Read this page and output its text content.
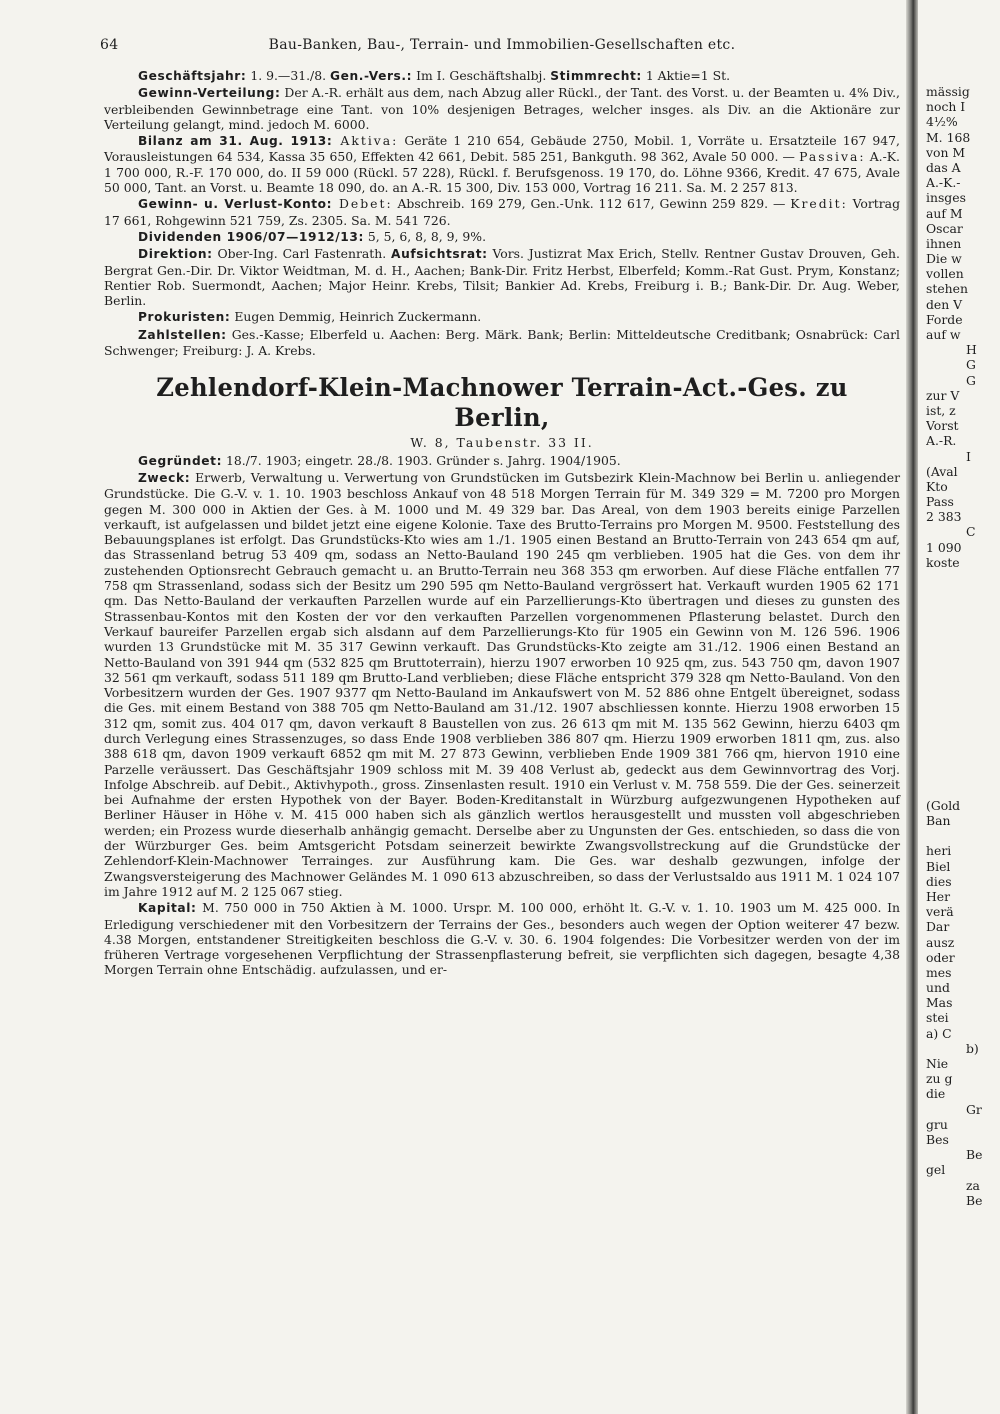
64	Bau-Banken, Bau-, Terrain- und Immobilien-Gesellschaften etc.
Geschäftsjahr: 1. 9.—31./8. Gen.-Vers.: Im I. Geschäftshalbj. Stimmrecht: 1 Aktie=1 St.
Gewinn-Verteilung: Der A.-R. erhält aus dem, nach Abzug aller Rückl., der Tant. des Vorst. u. der Beamten u. 4% Div., verbleibenden Gewinnbetrage eine Tant. von 10% desjenigen Betrages, welcher insges. als Div. an die Aktionäre zur Verteilung gelangt, mind. jedoch M. 6000.
Bilanz am 31. Aug. 1913: Aktiva: Geräte 1 210 654, Gebäude 2750, Mobil. 1, Vorräte u. Ersatzteile 167 947, Vorausleistungen 64 534, Kassa 35 650, Effekten 42 661, Debit. 585 251, Bankguth. 98 362, Avale 50 000. — Passiva: A.-K. 1 700 000, R.-F. 170 000, do. II 59 000 (Rückl. 57 228), Rückl. f. Berufsgenoss. 19 170, do. Löhne 9366, Kredit. 47 675, Avale 50 000, Tant. an Vorst. u. Beamte 18 090, do. an A.-R. 15 300, Div. 153 000, Vortrag 16 211. Sa. M. 2 257 813.
Gewinn- u. Verlust-Konto: Debet: Abschreib. 169 279, Gen.-Unk. 112 617, Gewinn 259 829. — Kredit: Vortrag 17 661, Rohgewinn 521 759, Zs. 2305. Sa. M. 541 726.
Dividenden 1906/07—1912/13: 5, 5, 6, 8, 8, 9, 9%.
Direktion: Ober-Ing. Carl Fastenrath. Aufsichtsrat: Vors. Justizrat Max Erich, Stellv. Rentner Gustav Drouven, Geh. Bergrat Gen.-Dir. Dr. Viktor Weidtman, M. d. H., Aachen; Bank-Dir. Fritz Herbst, Elberfeld; Komm.-Rat Gust. Prym, Konstanz; Rentier Rob. Suermondt, Aachen; Major Heinr. Krebs, Tilsit; Bankier Ad. Krebs, Freiburg i. B.; Bank-Dir. Dr. Aug. Weber, Berlin.
Prokuristen: Eugen Demmig, Heinrich Zuckermann.
Zahlstellen: Ges.-Kasse; Elberfeld u. Aachen: Berg. Märk. Bank; Berlin: Mitteldeutsche Creditbank; Osnabrück: Carl Schwenger; Freiburg: J. A. Krebs.
Zehlendorf-Klein-Machnower Terrain-Act.-Ges. zu Berlin,
W. 8, Taubenstr. 33 II.
Gegründet: 18./7. 1903; eingetr. 28./8. 1903. Gründer s. Jahrg. 1904/1905.
Zweck: Erwerb, Verwaltung u. Verwertung von Grundstücken im Gutsbezirk Klein-Machnow bei Berlin u. anliegender Grundstücke. Die G.-V. v. 1. 10. 1903 beschloss Ankauf von 48 518 Morgen Terrain für M. 349 329 = M. 7200 pro Morgen gegen M. 300 000 in Aktien der Ges. à M. 1000 und M. 49 329 bar. Das Areal, von dem 1903 bereits einige Parzellen verkauft, ist aufgelassen und bildet jetzt eine eigene Kolonie. Taxe des Brutto-Terrains pro Morgen M. 9500. Feststellung des Bebauungsplanes ist erfolgt. Das Grundstücks-Kto wies am 1./1. 1905 einen Bestand an Brutto-Terrain von 243 654 qm auf, das Strassenland betrug 53 409 qm, sodass an Netto-Bauland 190 245 qm verblieben. 1905 hat die Ges. von dem ihr zustehenden Optionsrecht Gebrauch gemacht u. an Brutto-Terrain neu 368 353 qm erworben. Auf diese Fläche entfallen 77 758 qm Strassenland, sodass sich der Besitz um 290 595 qm Netto-Bauland vergrössert hat. Verkauft wurden 1905 62 171 qm. Das Netto-Bauland der verkauften Parzellen wurde auf ein Parzellierungs-Kto übertragen und dieses zu gunsten des Strassenbau-Kontos mit den Kosten der vor den verkauften Parzellen vorgenommenen Pflasterung belastet. Durch den Verkauf baureifer Parzellen ergab sich alsdann auf dem Parzellierungs-Kto für 1905 ein Gewinn von M. 126 596. 1906 wurden 13 Grundstücke mit M. 35 317 Gewinn verkauft. Das Grundstücks-Kto zeigte am 31./12. 1906 einen Bestand an Netto-Bauland von 391 944 qm (532 825 qm Bruttoterrain), hierzu 1907 erworben 10 925 qm, zus. 543 750 qm, davon 1907 32 561 qm verkauft, sodass 511 189 qm Brutto-Land verblieben; diese Fläche entspricht 379 328 qm Netto-Bauland. Von den Vorbesitzern wurden der Ges. 1907 9377 qm Netto-Bauland im Ankaufswert von M. 52 886 ohne Entgelt übereignet, sodass die Ges. mit einem Bestand von 388 705 qm Netto-Bauland am 31./12. 1907 abschliessen konnte. Hierzu 1908 erworben 15 312 qm, somit zus. 404 017 qm, davon verkauft 8 Baustellen von zus. 26 613 qm mit M. 135 562 Gewinn, hierzu 6403 qm durch Verlegung eines Strassenzuges, so dass Ende 1908 verblieben 386 807 qm. Hierzu 1909 erworben 1811 qm, zus. also 388 618 qm, davon 1909 verkauft 6852 qm mit M. 27 873 Gewinn, verblieben Ende 1909 381 766 qm, hiervon 1910 eine Parzelle veräussert. Das Geschäftsjahr 1909 schloss mit M. 39 408 Verlust ab, gedeckt aus dem Gewinnvortrag des Vorj. Infolge Abschreib. auf Debit., Aktivhypoth., gross. Zinsenlasten result. 1910 ein Verlust v. M. 758 559. Die der Ges. seinerzeit bei Aufnahme der ersten Hypothek von der Bayer. Boden-Kreditanstalt in Würzburg aufgezwungenen Hypotheken auf Berliner Häuser in Höhe v. M. 415 000 haben sich als gänzlich wertlos herausgestellt und mussten voll abgeschrieben werden; ein Prozess wurde dieserhalb anhängig gemacht. Derselbe aber zu Ungunsten der Ges. entschieden, so dass die von der Würzburger Ges. beim Amtsgericht Potsdam seinerzeit bewirkte Zwangsvollstreckung auf die Grundstücke der Zehlendorf-Klein-Machnower Terrainges. zur Ausführung kam. Die Ges. war deshalb gezwungen, infolge der Zwangsversteigerung des Machnower Geländes M. 1 090 613 abzuschreiben, so dass der Verlustsaldo aus 1911 M. 1 024 107 im Jahre 1912 auf M. 2 125 067 stieg.
Kapital: M. 750 000 in 750 Aktien à M. 1000. Urspr. M. 100 000, erhöht lt. G.-V. v. 1. 10. 1903 um M. 425 000. In Erledigung verschiedener mit den Vorbesitzern der Terrains der Ges., besonders auch wegen der Option weiterer 47 bezw. 4.38 Morgen, entstandener Streitigkeiten beschloss die G.-V. v. 30. 6. 1904 folgendes: Die Vorbesitzer werden von der im früheren Vertrage vorgesehenen Verpflichtung der Strassenpflasterung befreit, sie verpflichten sich dagegen, besagte 4,38 Morgen Terrain ohne Entschädig. aufzulassen, und er-
mässig
noch I
4½%
M. 168
von M
das A
A.-K.-
insges
auf M
Oscar
ihnen
Die w
vollen
stehen
den V
Forde
auf w
H
G
G
zur V
ist, z
Vorst
A.-R.
I
(Aval
Kto
Pass
2 383
C
1 090
koste
(Gold
Ban
heri
Biel
dies
Her
verä
Dar
ausz
oder
mes
und
Mas
stei
a) C
b)
Nie
zu g
die
Gr
gru
Bes
Be
gel
za
Be
